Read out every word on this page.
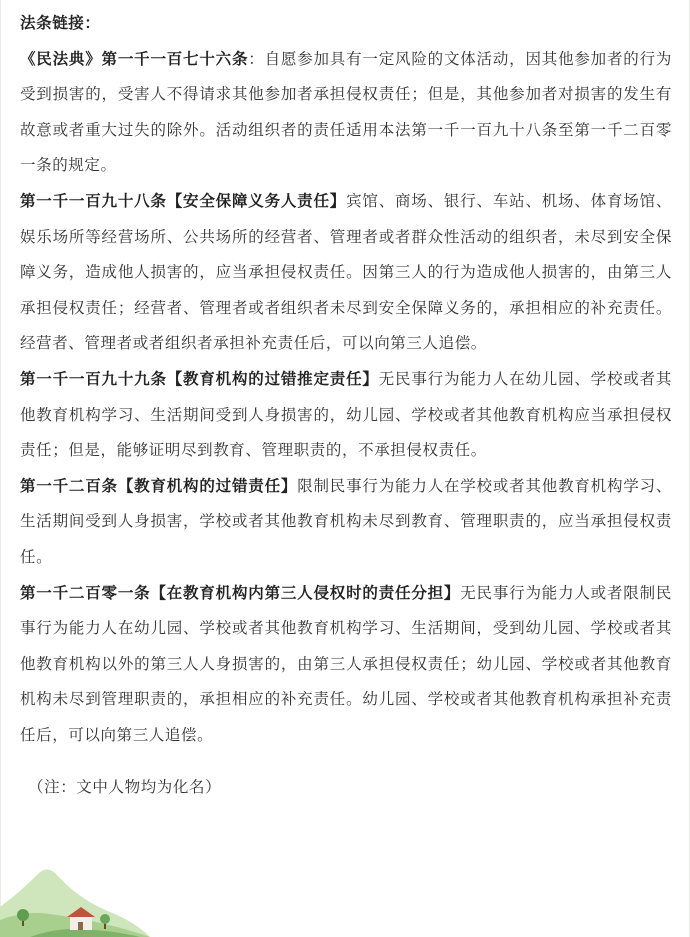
法条链接：

《民法典》第一千一百七十六条：自愿参加具有一定风险的文体活动，因其他参加者的行为受到损害的，受害人不得请求其他参加者承担侵权责任；但是，其他参加者对损害的发生有故意或者重大过失的除外。活动组织者的责任适用本法第一千一百九十八条至第一千二百零一条的规定。

第一千一百九十八条【安全保障义务人责任】宾馆、商场、银行、车站、机场、体育场馆、娱乐场所等经营场所、公共场所的经营者、管理者或者群众性活动的组织者，未尽到安全保障义务，造成他人损害的，应当承担侵权责任。因第三人的行为造成他人损害的，由第三人承担侵权责任；经营者、管理者或者组织者未尽到安全保障义务的，承担相应的补充责任。经营者、管理者或者组织者承担补充责任后，可以向第三人追偿。

第一千一百九十九条【教育机构的过错推定责任】无民事行为能力人在幼儿园、学校或者其他教育机构学习、生活期间受到人身损害的，幼儿园、学校或者其他教育机构应当承担侵权责任；但是，能够证明尽到教育、管理职责的，不承担侵权责任。

第一千二百条【教育机构的过错责任】限制民事行为能力人在学校或者其他教育机构学习、生活期间受到人身损害，学校或者其他教育机构未尽到教育、管理职责的，应当承担侵权责任。

第一千二百零一条【在教育机构内第三人侵权时的责任分担】无民事行为能力人或者限制民事行为能力人在幼儿园、学校或者其他教育机构学习、生活期间，受到幼儿园、学校或者其他教育机构以外的第三人人身损害的，由第三人承担侵权责任；幼儿园、学校或者其他教育机构未尽到管理职责的，承担相应的补充责任。幼儿园、学校或者其他教育机构承担补充责任后，可以向第三人追偿。

（注：文中人物均为化名）
